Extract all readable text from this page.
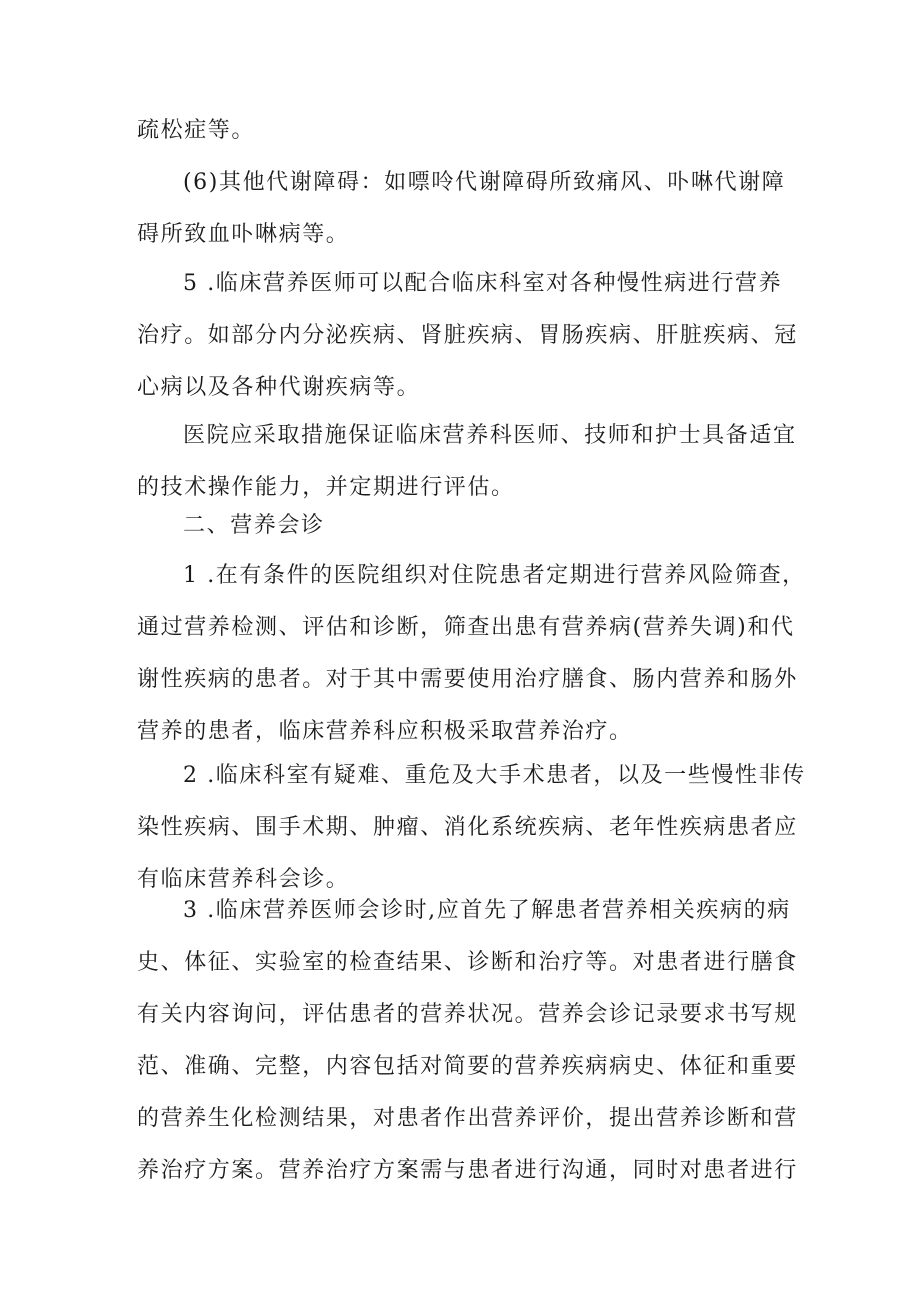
疏松症等。
(6)其他代谢障碍：如嘌呤代谢障碍所致痛风、卟啉代谢障
碍所致血卟啉病等。
5 .临床营养医师可以配合临床科室对各种慢性病进行营养
治疗。如部分内分泌疾病、肾脏疾病、胃肠疾病、肝脏疾病、冠
心病以及各种代谢疾病等。
医院应采取措施保证临床营养科医师、技师和护士具备适宜
的技术操作能力，并定期进行评估。
二、营养会诊
1 .在有条件的医院组织对住院患者定期进行营养风险筛查，
通过营养检测、评估和诊断，筛查出患有营养病(营养失调)和代
谢性疾病的患者。对于其中需要使用治疗膳食、肠内营养和肠外
营养的患者，临床营养科应积极采取营养治疗。
2 .临床科室有疑难、重危及大手术患者，以及一些慢性非传
染性疾病、围手术期、肿瘤、消化系统疾病、老年性疾病患者应
有临床营养科会诊。
3 .临床营养医师会诊时,应首先了解患者营养相关疾病的病
史、体征、实验室的检查结果、诊断和治疗等。对患者进行膳食
有关内容询问，评估患者的营养状况。营养会诊记录要求书写规
范、准确、完整，内容包括对简要的营养疾病病史、体征和重要
的营养生化检测结果，对患者作出营养评价，提出营养诊断和营
养治疗方案。营养治疗方案需与患者进行沟通，同时对患者进行
